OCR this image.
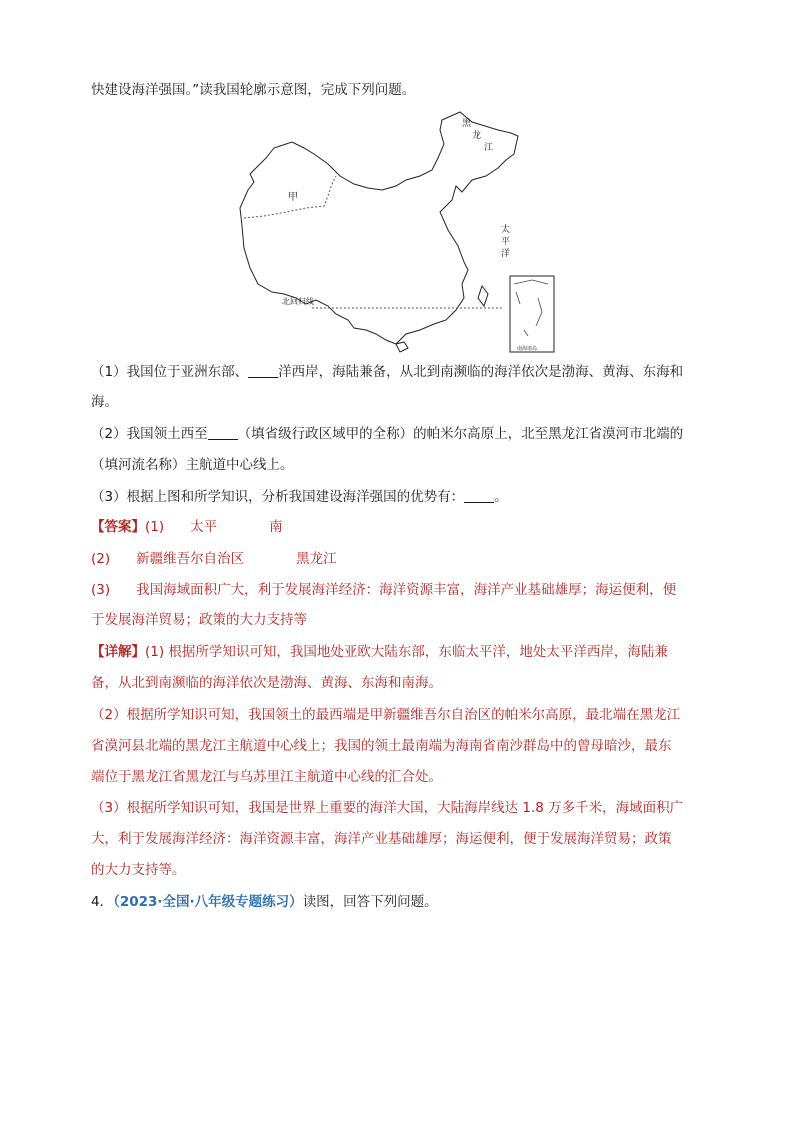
快建设海洋强国。”读我国轮廓示意图，完成下列问题。
甲
黑
龙
江
太
平
洋
北回归线
南海诸岛
（1）我国位于亚洲东部、 洋西岸，海陆兼备，从北到南濒临的海洋依次是渤海、黄海、东海和
海。
（2）我国领土西至 （填省级行政区域甲的全称）的帕米尔高原上，北至黑龙江省漠河市北端的
（填河流名称）主航道中心线上。
（3）根据上图和所学知识，分析我国建设海洋强国的优势有： 。
【答案】(1) 太平	南
(2) 新疆维吾尔自治区	黑龙江
(3) 我国海域面积广大，利于发展海洋经济：海洋资源丰富，海洋产业基础雄厚；海运便利，便
于发展海洋贸易；政策的大力支持等
【详解】(1) 根据所学知识可知，我国地处亚欧大陆东部，东临太平洋，地处太平洋西岸，海陆兼
备，从北到南濒临的海洋依次是渤海、黄海、东海和南海。
（2）根据所学知识可知，我国领土的最西端是甲新疆维吾尔自治区的帕米尔高原，最北端在黑龙江
省漠河县北端的黑龙江主航道中心线上；我国的领土最南端为海南省南沙群岛中的曾母暗沙，最东
端位于黑龙江省黑龙江与乌苏里江主航道中心线的汇合处。
（3）根据所学知识可知，我国是世界上重要的海洋大国，大陆海岸线达 1.8 万多千米，海域面积广
大，利于发展海洋经济：海洋资源丰富，海洋产业基础雄厚；海运便利，便于发展海洋贸易；政策
的大力支持等。
4．（2023·全国·八年级专题练习）读图，回答下列问题。
